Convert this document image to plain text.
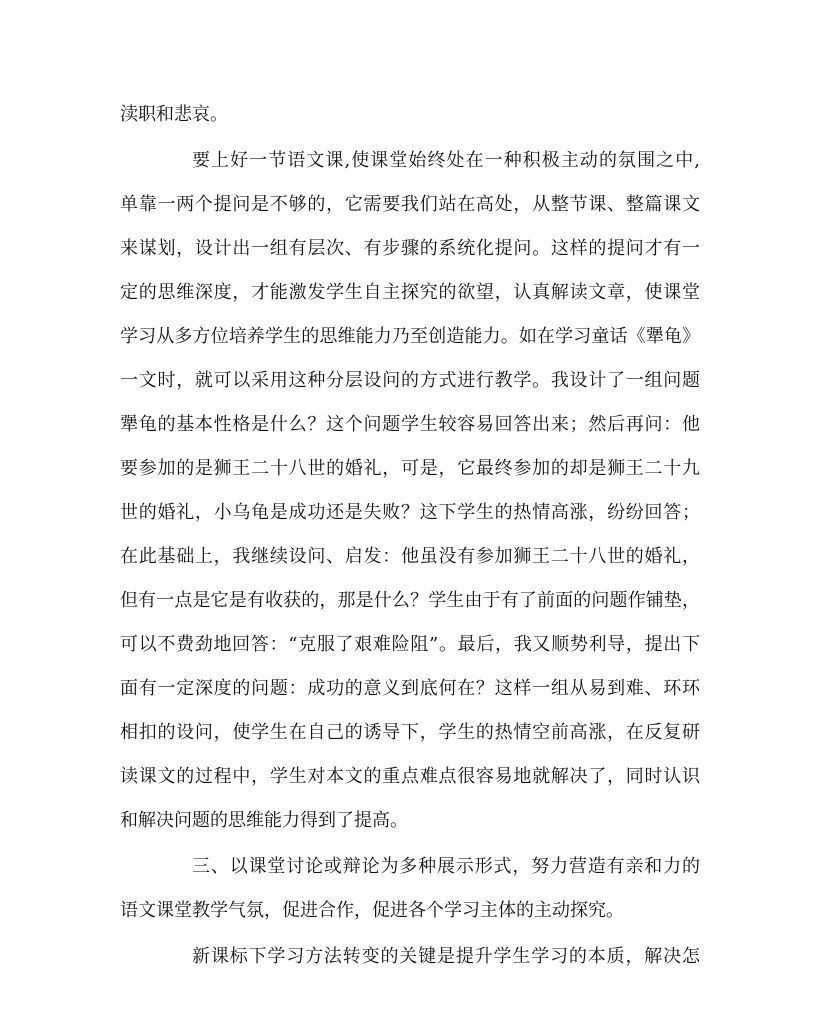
渎职和悲哀。
要上好一节语文课,使课堂始终处在一种积极主动的氛围之中,
单靠一两个提问是不够的，它需要我们站在高处，从整节课、整篇课文
来谋划，设计出一组有层次、有步骤的系统化提问。这样的提问才有一
定的思维深度，才能激发学生自主探究的欲望，认真解读文章，使课堂
学习从多方位培养学生的思维能力乃至创造能力。如在学习童话《犟龟》
一文时，就可以采用这种分层设问的方式进行教学。我设计了一组问题
犟龟的基本性格是什么？这个问题学生较容易回答出来；然后再问：他
要参加的是狮王二十八世的婚礼，可是，它最终参加的却是狮王二十九
世的婚礼，小乌龟是成功还是失败？这下学生的热情高涨，纷纷回答；
在此基础上，我继续设问、启发：他虽没有参加狮王二十八世的婚礼，
但有一点是它是有收获的，那是什么？学生由于有了前面的问题作铺垫，
可以不费劲地回答：“克服了艰难险阻”。最后，我又顺势利导，提出下
面有一定深度的问题：成功的意义到底何在？这样一组从易到难、环环
相扣的设问，使学生在自己的诱导下，学生的热情空前高涨，在反复研
读课文的过程中，学生对本文的重点难点很容易地就解决了，同时认识
和解决问题的思维能力得到了提高。
三、以课堂讨论或辩论为多种展示形式，努力营造有亲和力的
语文课堂教学气氛，促进合作，促进各个学习主体的主动探究。
新课标下学习方法转变的关键是提升学生学习的本质，解决怎
